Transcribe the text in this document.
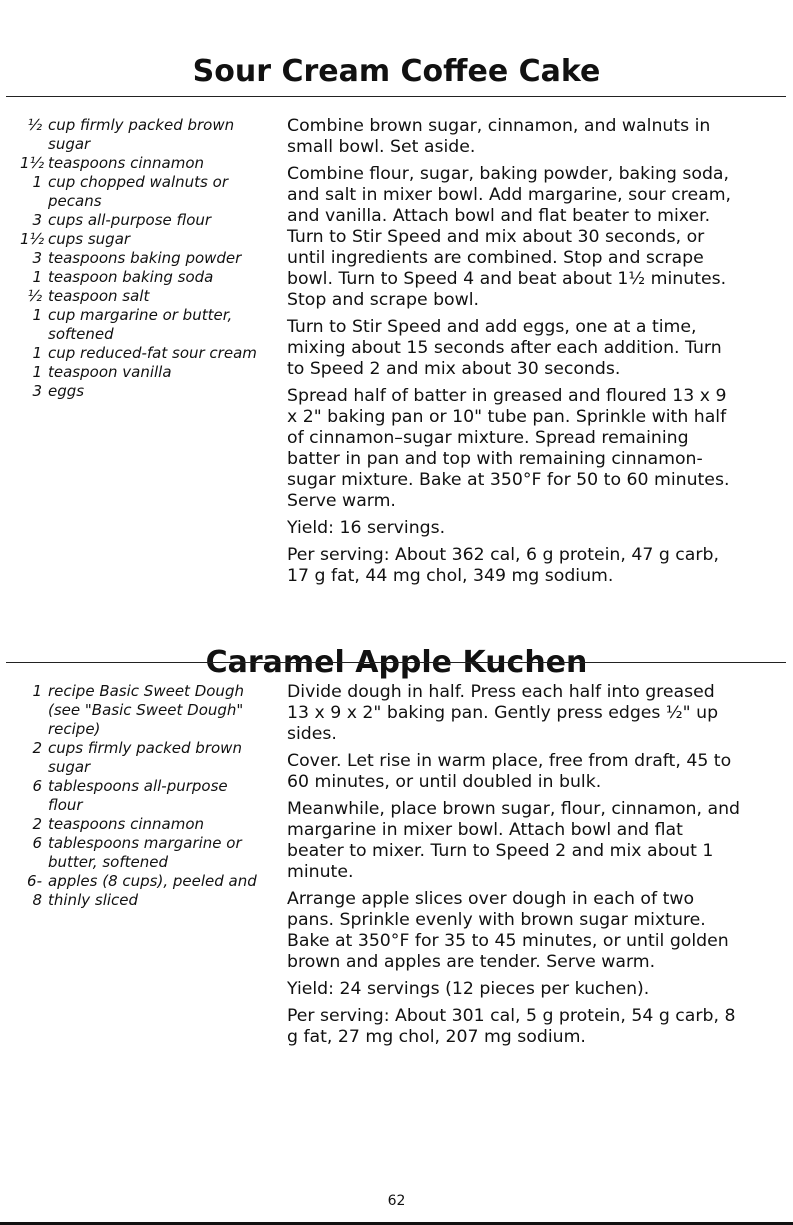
Sour Cream Coffee Cake
½ cup firmly packed brown sugar
1½ teaspoons cinnamon
1 cup chopped walnuts or pecans
3 cups all-purpose flour
1½ cups sugar
3 teaspoons baking powder
1 teaspoon baking soda
½ teaspoon salt
1 cup margarine or butter, softened
1 cup reduced-fat sour cream
1 teaspoon vanilla
3 eggs

Combine brown sugar, cinnamon, and walnuts in small bowl. Set aside.

Combine flour, sugar, baking powder, baking soda, and salt in mixer bowl. Add margarine, sour cream, and vanilla. Attach bowl and flat beater to mixer. Turn to Stir Speed and mix about 30 seconds, or until ingredients are combined. Stop and scrape bowl. Turn to Speed 4 and beat about 1½ minutes. Stop and scrape bowl.

Turn to Stir Speed and add eggs, one at a time, mixing about 15 seconds after each addition. Turn to Speed 2 and mix about 30 seconds.

Spread half of batter in greased and floured 13 x 9 x 2" baking pan or 10" tube pan. Sprinkle with half of cinnamon–sugar mixture. Spread remaining batter in pan and top with remaining cinnamon-sugar mixture. Bake at 350°F for 50 to 60 minutes. Serve warm.

Yield: 16 servings.

Per serving: About 362 cal, 6 g protein, 47 g carb, 17 g fat, 44 mg chol, 349 mg sodium.

Caramel Apple Kuchen
1 recipe Basic Sweet Dough (see "Basic Sweet Dough" recipe)
2 cups firmly packed brown sugar
6 tablespoons all-purpose flour
2 teaspoons cinnamon
6 tablespoons margarine or butter, softened
6-8
apples (8 cups), peeled and thinly sliced

Divide dough in half. Press each half into greased 13 x 9 x 2" baking pan. Gently press edges ½" up sides.

Cover. Let rise in warm place, free from draft, 45 to 60 minutes, or until doubled in bulk.

Meanwhile, place brown sugar, flour, cinnamon, and margarine in mixer bowl. Attach bowl and flat beater to mixer. Turn to Speed 2 and mix about 1 minute.

Arrange apple slices over dough in each of two pans. Sprinkle evenly with brown sugar mixture. Bake at 350°F for 35 to 45 minutes, or until golden brown and apples are tender. Serve warm.

Yield: 24 servings (12 pieces per kuchen).

Per serving: About 301 cal, 5 g protein, 54 g carb, 8 g fat, 27 mg chol, 207 mg sodium.

62
